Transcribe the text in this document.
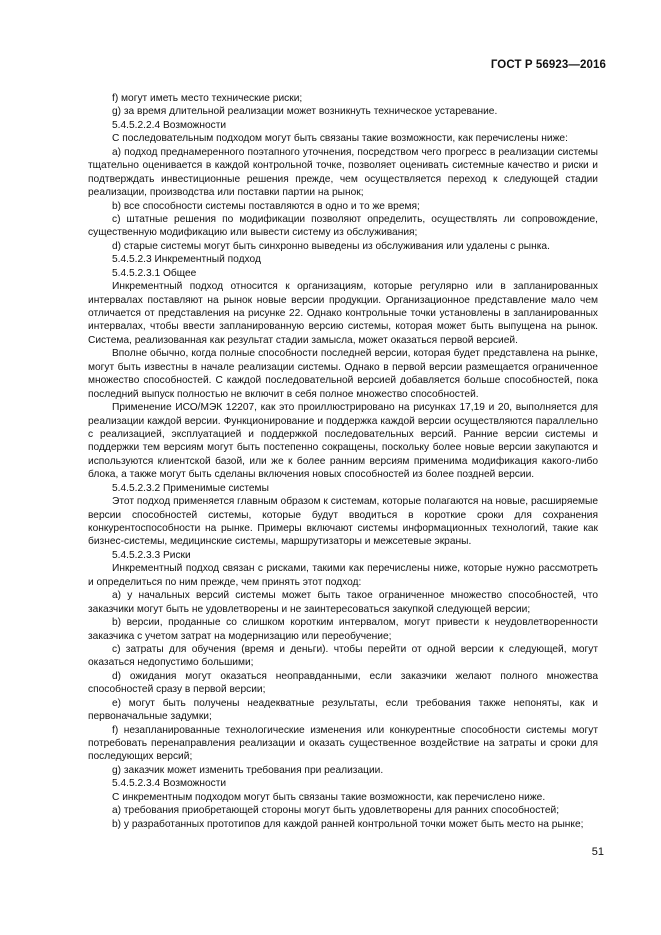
ГОСТ Р 56923—2016

f) могут иметь место технические риски;

g) за время длительной реализации может возникнуть техническое устаревание.

5.4.5.2.2.4 Возможности

С последовательным подходом могут быть связаны такие возможности, как перечислены ниже:

a) подход преднамеренного поэтапного уточнения, посредством чего прогресс в реализации системы тщательно оценивается в каждой контрольной точке, позволяет оценивать системные качество и риски и подтверждать инвестиционные решения прежде, чем осуществляется переход к следующей стадии реализации, производства или поставки партии на рынок;

b) все способности системы поставляются в одно и то же время;

c) штатные решения по модификации позволяют определить, осуществлять ли сопровождение, существенную модификацию или вывести систему из обслуживания;

d) старые системы могут быть синхронно выведены из обслуживания или удалены с рынка.

5.4.5.2.3 Инкрементный подход

5.4.5.2.3.1 Общее

Инкрементный подход относится к организациям, которые регулярно или в запланированных интервалах поставляют на рынок новые версии продукции. Организационное представление мало чем отличается от представления на рисунке 22. Однако контрольные точки установлены в запланированных интервалах, чтобы ввести запланированную версию системы, которая может быть выпущена на рынок. Система, реализованная как результат стадии замысла, может оказаться первой версией.

Вполне обычно, когда полные способности последней версии, которая будет представлена на рынке, могут быть известны в начале реализации системы. Однако в первой версии размещается ограниченное множество способностей. С каждой последовательной версией добавляется больше способностей, пока последний выпуск полностью не включит в себя полное множество способностей.

Применение ИСО/МЭК 12207, как это проиллюстрировано на рисунках 17,19 и 20, выполняется для реализации каждой версии. Функционирование и поддержка каждой версии осуществляются параллельно с реализацией, эксплуатацией и поддержкой последовательных версий. Ранние версии системы и поддержки тем версиям могут быть постепенно сокращены, поскольку более новые версии закупаются и используются клиентской базой, или же к более ранним версиям применима модификация какого-либо блока, а также могут быть сделаны включения новых способностей из более поздней версии.

5.4.5.2.3.2 Применимые системы

Этот подход применяется главным образом к системам, которые полагаются на новые, расширяемые версии способностей системы, которые будут вводиться в короткие сроки для сохранения конкурентоспособности на рынке. Примеры включают системы информационных технологий, такие как бизнес-системы, медицинские системы, маршрутизаторы и межсетевые экраны.

5.4.5.2.3.3 Риски

Инкрементный подход связан с рисками, такими как перечислены ниже, которые нужно рассмотреть и определиться по ним прежде, чем принять этот подход:

a) у начальных версий системы может быть такое ограниченное множество способностей, что заказчики могут быть не удовлетворены и не заинтересоваться закупкой следующей версии;

b) версии, проданные со слишком коротким интервалом, могут привести к неудовлетворенности заказчика с учетом затрат на модернизацию или переобучение;

c) затраты для обучения (время и деньги). чтобы перейти от одной версии к следующей, могут оказаться недопустимо большими;

d) ожидания могут оказаться неоправданными, если заказчики желают полного множества способностей сразу в первой версии;

e) могут быть получены неадекватные результаты, если требования также непоняты, как и первоначальные задумки;

f) незапланированные технологические изменения или конкурентные способности системы могут потребовать перенаправления реализации и оказать существенное воздействие на затраты и сроки для последующих версий;

g) заказчик может изменить требования при реализации.

5.4.5.2.3.4 Возможности

С инкрементным подходом могут быть связаны такие возможности, как перечислено ниже.

a) требования приобретающей стороны могут быть удовлетворены для ранних способностей;

b) у разработанных прототипов для каждой ранней контрольной точки может быть место на рынке;

51
